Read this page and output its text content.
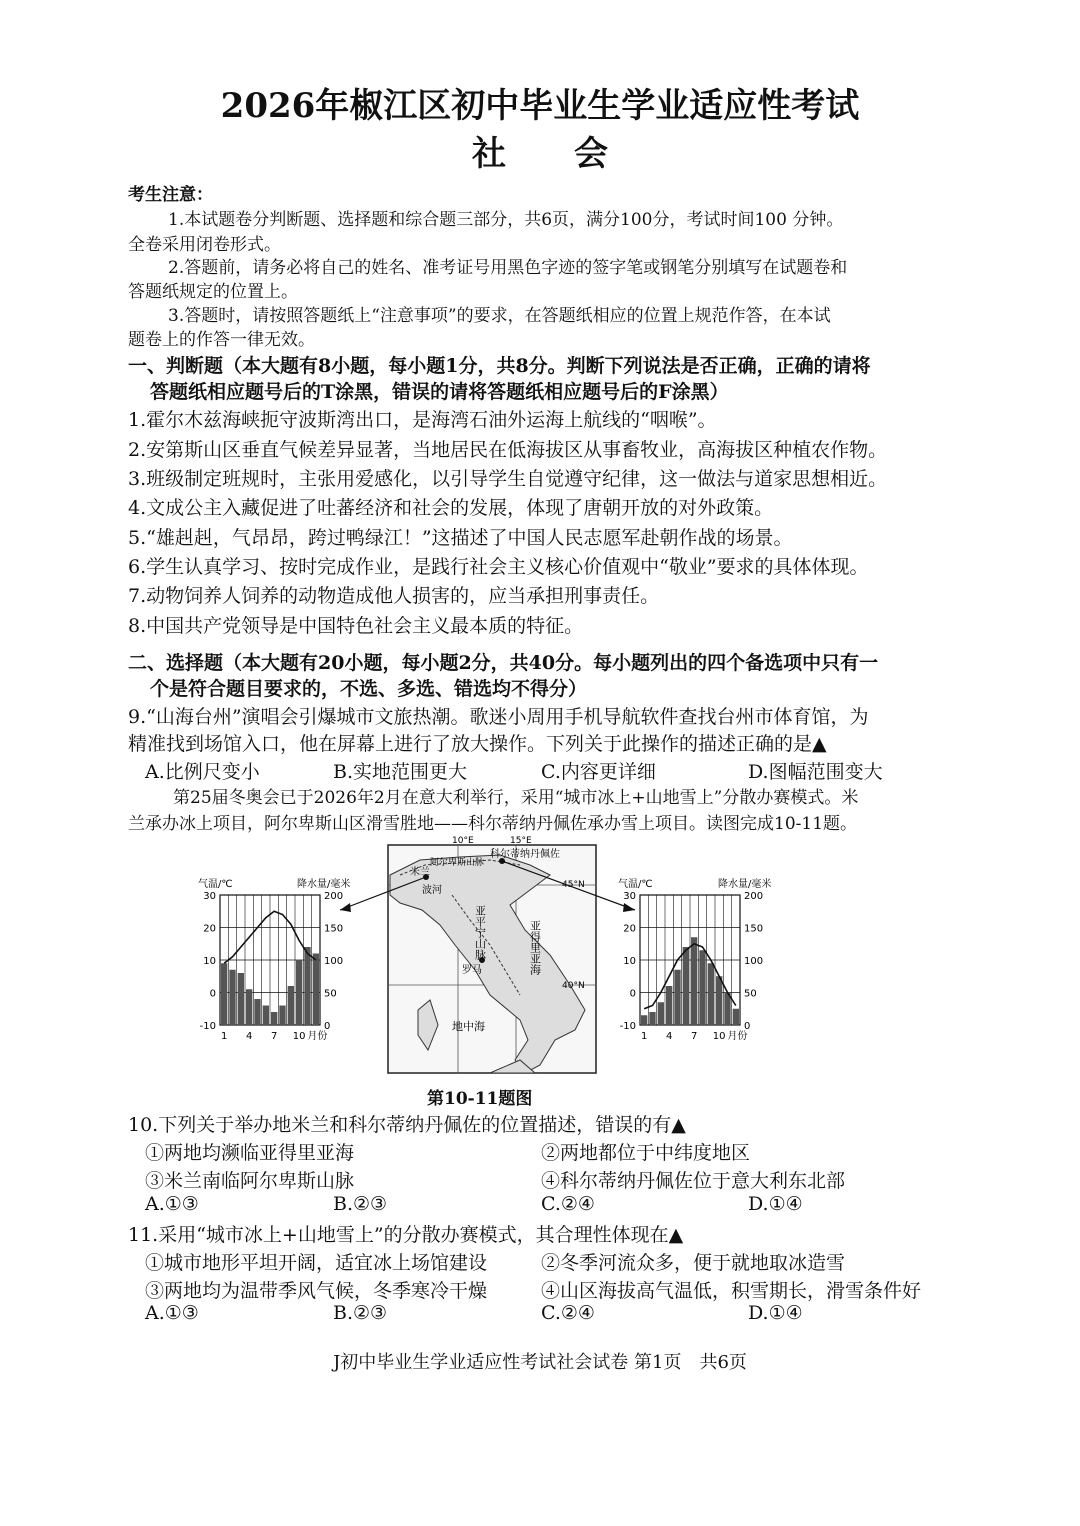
2026年椒江区初中毕业生学业适应性考试
社　　会
考生注意：
1.本试题卷分判断题、选择题和综合题三部分，共6页，满分100分，考试时间100 分钟。
全卷采用闭卷形式。
2.答题前，请务必将自己的姓名、准考证号用黑色字迹的签字笔或钢笔分别填写在试题卷和
答题纸规定的位置上。
3.答题时，请按照答题纸上“注意事项”的要求，在答题纸相应的位置上规范作答，在本试
题卷上的作答一律无效。
一、判断题（本大题有8小题，每小题1分，共8分。判断下列说法是否正确，正确的请将
答题纸相应题号后的T涂黑，错误的请将答题纸相应题号后的F涂黑）
1.霍尔木兹海峡扼守波斯湾出口，是海湾石油外运海上航线的“咽喉”。
2.安第斯山区垂直气候差异显著，当地居民在低海拔区从事畜牧业，高海拔区种植农作物。
3.班级制定班规时，主张用爱感化，以引导学生自觉遵守纪律，这一做法与道家思想相近。
4.文成公主入藏促进了吐蕃经济和社会的发展，体现了唐朝开放的对外政策。
5.“雄赳赳，气昂昂，跨过鸭绿江！”这描述了中国人民志愿军赴朝作战的场景。
6.学生认真学习、按时完成作业，是践行社会主义核心价值观中“敬业”要求的具体体现。
7.动物饲养人饲养的动物造成他人损害的，应当承担刑事责任。
8.中国共产党领导是中国特色社会主义最本质的特征。
二、选择题（本大题有20小题，每小题2分，共40分。每小题列出的四个备选项中只有一
个是符合题目要求的，不选、多选、错选均不得分）
9.“山海台州”演唱会引爆城市文旅热潮。歌迷小周用手机导航软件查找台州市体育馆，为
精准找到场馆入口，他在屏幕上进行了放大操作。下列关于此操作的描述正确的是▲
A.比例尺变小	B.实地范围更大	C.内容更详细	D.图幅范围变大
第25届冬奥会已于2026年2月在意大利举行，采用“城市冰上+山地雪上”分散办赛模式。米
兰承办冰上项目，阿尔卑斯山区滑雪胜地——科尔蒂纳丹佩佐承办雪上项目。读图完成10-11题。
气温/℃	降水量/毫米
30
20
10
0
-10
200
150
100
50
0
1 4 7 10 月份
30
20
10
0
-10
200
150
100
50
0
1 4 7 10 月份
气温/℃	降水量/毫米
10°E	15°E
45°N
40°N
米兰
科尔蒂纳丹佩佐
阿尔卑斯山脉
波河
亚得里亚海
亚平宁山脉
罗马
地中海
第10-11题图
10.下列关于举办地米兰和科尔蒂纳丹佩佐的位置描述，错误的有▲
①两地均濒临亚得里亚海	②两地都位于中纬度地区
③米兰南临阿尔卑斯山脉	④科尔蒂纳丹佩佐位于意大利东北部
A.①③	B.②③	C.②④	D.①④
11.采用“城市冰上+山地雪上”的分散办赛模式，其合理性体现在▲
①城市地形平坦开阔，适宜冰上场馆建设	②冬季河流众多，便于就地取冰造雪
③两地均为温带季风气候，冬季寒冷干燥	④山区海拔高气温低，积雪期长，滑雪条件好
A.①③	B.②③	C.②④	D.①④
J初中毕业生学业适应性考试社会试卷 第1页　共6页
